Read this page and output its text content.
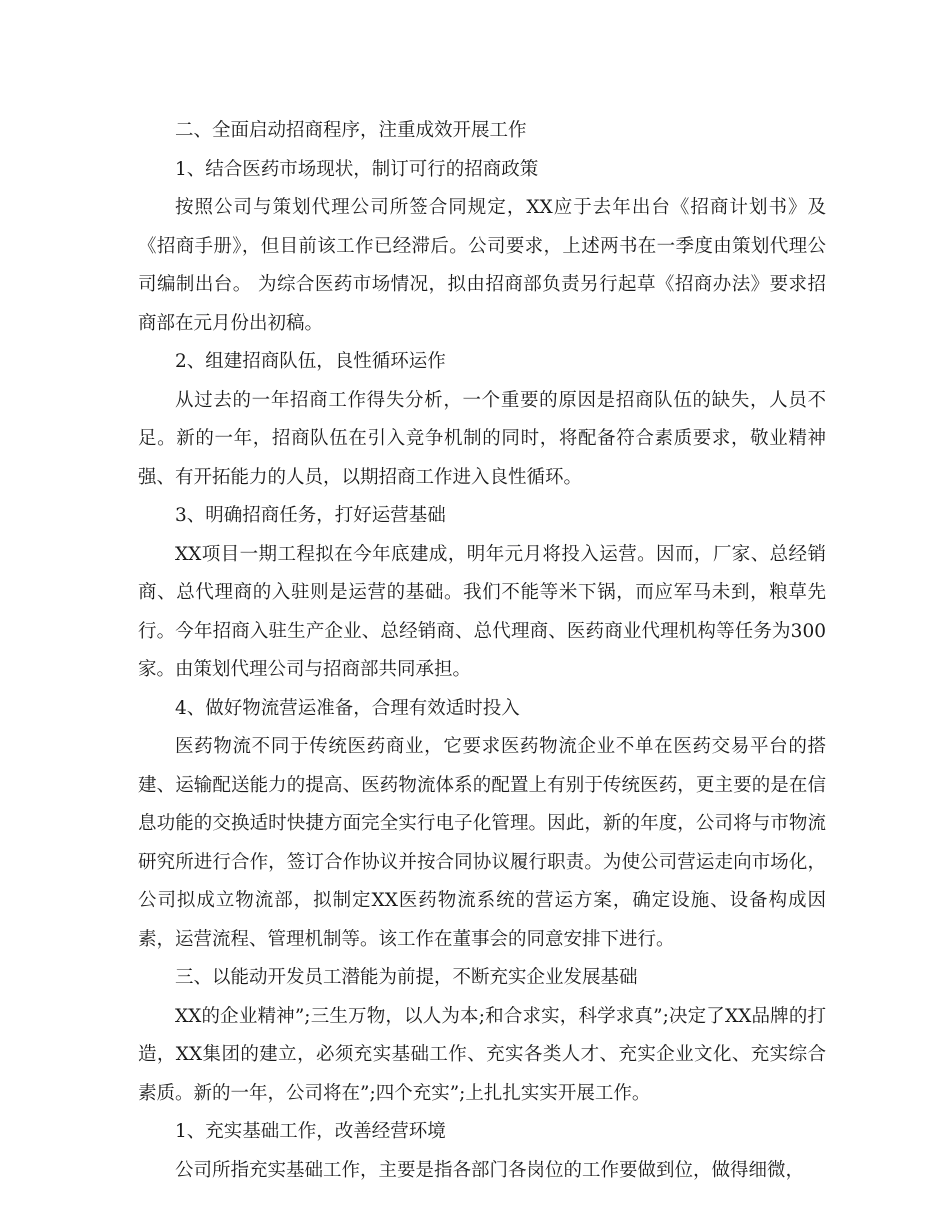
二、全面启动招商程序，注重成效开展工作

1、结合医药市场现状，制订可行的招商政策

按照公司与策划代理公司所签合同规定，XX应于去年出台《招商计划书》及《招商手册》，但目前该工作已经滞后。公司要求，上述两书在一季度由策划代理公司编制出台。 为综合医药市场情况，拟由招商部负责另行起草《招商办法》要求招商部在元月份出初稿。

2、组建招商队伍，良性循环运作

从过去的一年招商工作得失分析，一个重要的原因是招商队伍的缺失，人员不足。新的一年，招商队伍在引入竞争机制的同时，将配备符合素质要求，敬业精神强、有开拓能力的人员，以期招商工作进入良性循环。

3、明确招商任务，打好运营基础

XX项目一期工程拟在今年底建成，明年元月将投入运营。因而，厂家、总经销商、总代理商的入驻则是运营的基础。我们不能等米下锅，而应军马未到，粮草先行。今年招商入驻生产企业、总经销商、总代理商、医药商业代理机构等任务为300家。由策划代理公司与招商部共同承担。

4、做好物流营运准备，合理有效适时投入

医药物流不同于传统医药商业，它要求医药物流企业不单在医药交易平台的搭建、运输配送能力的提高、医药物流体系的配置上有别于传统医药，更主要的是在信息功能的交换适时快捷方面完全实行电子化管理。因此，新的年度，公司将与市物流研究所进行合作，签订合作协议并按合同协议履行职责。为使公司营运走向市场化，公司拟成立物流部，拟制定XX医药物流系统的营运方案，确定设施、设备构成因素，运营流程、管理机制等。该工作在董事会的同意安排下进行。

三、以能动开发员工潜能为前提，不断充实企业发展基础

XX的企业精神”;三生万物，以人为本;和合求实，科学求真”;决定了XX品牌的打造，XX集团的建立，必须充实基础工作、充实各类人才、充实企业文化、充实综合素质。新的一年，公司将在”;四个充实”;上扎扎实实开展工作。

1、充实基础工作，改善经营环境

公司所指充实基础工作，主要是指各部门各岗位的工作要做到位，做得细微，
